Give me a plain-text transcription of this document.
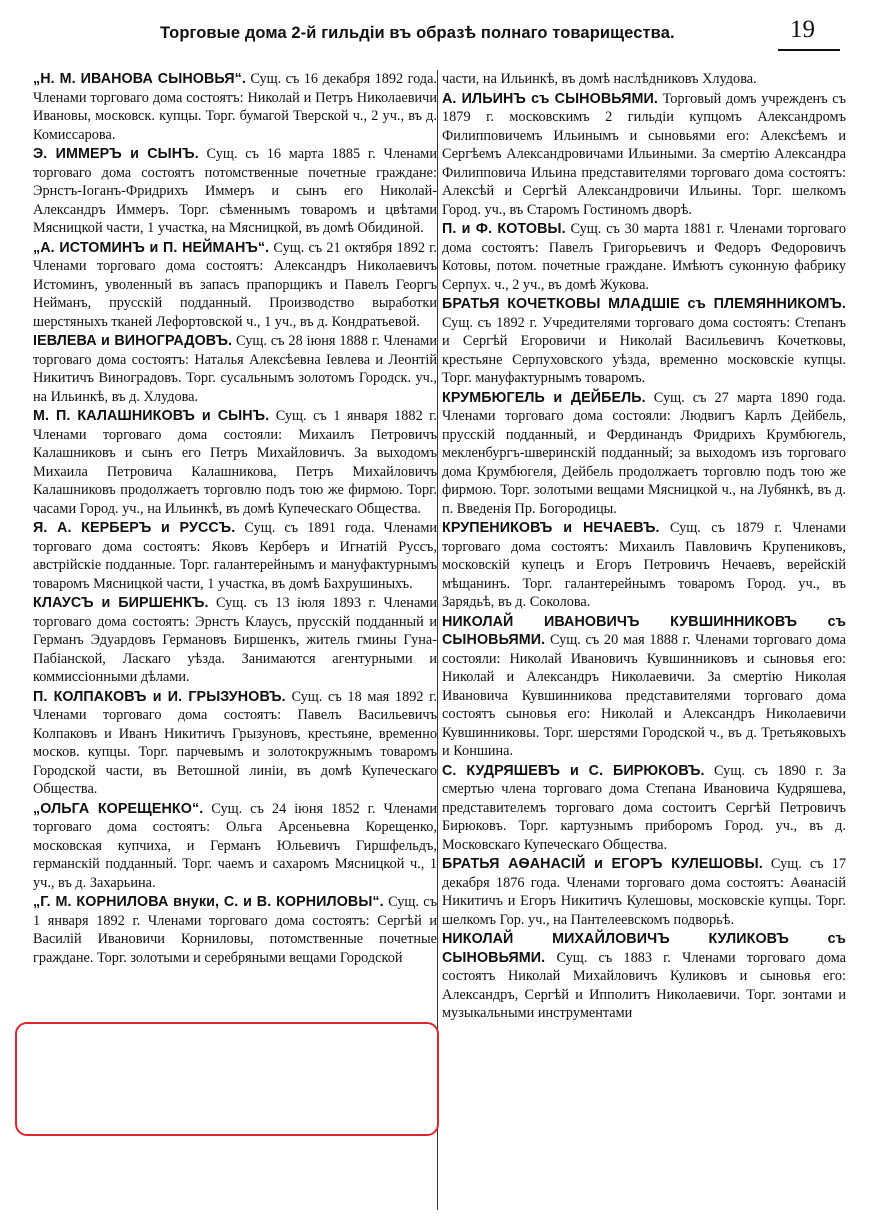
Торговые дома 2-й гильдіи въ образѣ полнаго товарищества.	19

„Н. М. ИВАНОВА СЫНОВЬЯ“. Сущ. съ 16 декабря 1892 года. Членами торговаго дома состоятъ: Николай и Петръ Николаевичи Ивановы, московск. купцы. Торг. бумагой Тверской ч., 2 уч., въ д. Комиссарова.

Э. ИММЕРЪ и СЫНЪ. Сущ. съ 16 марта 1885 г. Членами торговаго дома состоятъ потомственные почетные граждане: Эрнстъ-Іоганъ-Фридрихъ Иммеръ и сынъ его Николай-Александръ Иммеръ. Торг. сѣменнымъ товаромъ и цвѣтами Мясницкой части, 1 участка, на Мясницкой, въ домѣ Обидиной.

„А. ИСТОМИНЪ и П. НЕЙМАНЪ“. Сущ. съ 21 октября 1892 г. Членами торговаго дома состоятъ: Александръ Николаевичъ Истоминъ, уволенный въ запасъ прапорщикъ и Павелъ Георгъ Нейманъ, прусскій подданный. Производство выработки шерстяныхъ тканей Лефортовской ч., 1 уч., въ д. Кондратьевой.

ІЕВЛЕВА и ВИНОГРАДОВЪ. Сущ. съ 28 іюня 1888 г. Членами торговаго дома состоятъ: Наталья Алексѣевна Іевлева и Леонтій Никитичъ Виноградовъ. Торг. сусальнымъ золотомъ Городск. уч., на Ильинкѣ, въ д. Хлудова.

М. П. КАЛАШНИКОВЪ и СЫНЪ. Сущ. съ 1 января 1882 г. Членами торговаго дома состояли: Михаилъ Петровичъ Калашниковъ и сынъ его Петръ Михайловичъ. За выходомъ Михаила Петровича Калашникова, Петръ Михайловичъ Калашниковъ продолжаетъ торговлю подъ тою же фирмою. Торг. часами Город. уч., на Ильинкѣ, въ домѣ Купеческаго Общества.

Я. А. КЕРБЕРЪ и РУССЪ. Сущ. съ 1891 года. Членами торговаго дома состоятъ: Яковъ Керберъ и Игнатій Руссъ, австрійскіе подданные. Торг. галантерейнымъ и мануфактурнымъ товаромъ Мясницкой части, 1 участка, въ домѣ Бахрушиныхъ.

КЛАУСЪ и БИРШЕНКЪ. Сущ. съ 13 іюля 1893 г. Членами торговаго дома состоятъ: Эрнстъ Клаусъ, прусскій подданный и Германъ Эдуардовъ Германовъ Биршенкъ, житель гмины Гуна-Пабіанской, Ласкаго уѣзда. Занимаются агентурными и коммиссіонными дѣлами.

П. КОЛПАКОВЪ и И. ГРЫЗУНОВЪ. Сущ. съ 18 мая 1892 г. Членами торговаго дома состоятъ: Павелъ Васильевичъ Колпаковъ и Иванъ Никитичъ Грызуновъ, крестьяне, временно москов. купцы. Торг. парчевымъ и золотокружнымъ товаромъ Городской части, въ Ветошной линіи, въ домѣ Купеческаго Общества.

„ОЛЬГА КОРЕЩЕНКО“. Сущ. съ 24 іюня 1852 г. Членами торговаго дома состоятъ: Ольга Арсеньевна Корещенко, московская купчиха, и Германъ Юльевичъ Гиршфельдъ, германскій подданный. Торг. чаемъ и сахаромъ Мясницкой ч., 1 уч., въ д. Захарьина.

„Г. М. КОРНИЛОВА внуки, С. и В. КОРНИЛОВЫ“. Сущ. съ 1 января 1892 г. Членами торговаго дома состоятъ: Сергѣй и Василій Ивановичи Корниловы, потомственные почетные граждане. Торг. золотыми и серебряными вещами Городской

части, на Ильинкѣ, въ домѣ наслѣдниковъ Хлудова.

А. ИЛЬИНЪ съ СЫНОВЬЯМИ. Торговый домъ учрежденъ съ 1879 г. московскимъ 2 гильдіи купцомъ Александромъ Филипповичемъ Ильинымъ и сыновьями его: Алексѣемъ и Сергѣемъ Александровичами Ильиными. За смертію Александра Филипповича Ильина представителями торговаго дома состоятъ: Алексѣй и Сергѣй Александровичи Ильины. Торг. шелкомъ Город. уч., въ Старомъ Гостиномъ дворѣ.

П. и Ф. КОТОВЫ. Сущ. съ 30 марта 1881 г. Членами торговаго дома состоятъ: Павелъ Григорьевичъ и Федоръ Федоровичъ Котовы, потом. почетные граждане. Имѣютъ суконную фабрику Серпух. ч., 2 уч., въ домѣ Жукова.

БРАТЬЯ КОЧЕТКОВЫ МЛАДШІЕ съ ПЛЕМЯННИКОМЪ. Сущ. съ 1892 г. Учредителями торговаго дома состоятъ: Степанъ и Сергѣй Егоровичи и Николай Васильевичъ Кочетковы, крестьяне Серпуховского уѣзда, временно московскіе купцы. Торг. мануфактурнымъ товаромъ.

КРУМБЮГЕЛЬ и ДЕЙБЕЛЬ. Сущ. съ 27 марта 1890 года. Членами торговаго дома состояли: Людвигъ Карлъ Дейбель, прусскій подданный, и Фердинандъ Фридрихъ Крумбюгель, мекленбургъ-шверинскій подданный; за выходомъ изъ торговаго дома Крумбюгеля, Дейбель продолжаетъ торговлю подъ тою же фирмою. Торг. золотыми вещами Мясницкой ч., на Лубянкѣ, въ д. п. Введенія Пр. Богородицы.

КРУПЕНИКОВЪ и НЕЧАЕВЪ. Сущ. съ 1879 г. Членами торговаго дома состоятъ: Михаилъ Павловичъ Крупениковъ, московскій купецъ и Егоръ Петровичъ Нечаевъ, верейскій мѣщанинъ. Торг. галантерейнымъ товаромъ Город. уч., въ Зарядьѣ, въ д. Соколова.

НИКОЛАЙ ИВАНОВИЧЪ КУВШИННИКОВЪ съ СЫНОВЬЯМИ. Сущ. съ 20 мая 1888 г. Членами торговаго дома состояли: Николай Ивановичъ Кувшинниковъ и сыновья его: Николай и Александръ Николаевичи. За смертію Николая Ивановича Кувшинникова представителями торговаго дома состоятъ сыновья его: Николай и Александръ Николаевичи Кувшинниковы. Торг. шерстями Городской ч., въ д. Третьяковыхъ и Коншина.

С. КУДРЯШЕВЪ и С. БИРЮКОВЪ. Сущ. съ 1890 г. За смертью члена торговаго дома Степана Ивановича Кудряшева, представителемъ торговаго дома состоитъ Сергѣй Петровичъ Бирюковъ. Торг. картузнымъ приборомъ Город. уч., въ д. Московскаго Купеческаго Общества.

БРАТЬЯ АѲАНАСІЙ и ЕГОРЪ КУЛЕШОВЫ. Сущ. съ 17 декабря 1876 года. Членами торговаго дома состоятъ: Аѳанасій Никитичъ и Егоръ Никитичъ Кулешовы, московскіе купцы. Торг. шелкомъ Гор. уч., на Пантелеевскомъ подворьѣ.

НИКОЛАЙ МИХАЙЛОВИЧЪ КУЛИКОВЪ съ СЫНОВЬЯМИ. Сущ. съ 1883 г. Членами торговаго дома состоятъ Николай Михайловичъ Куликовъ и сыновья его: Александръ, Сергѣй и Ипполитъ Николаевичи. Торг. зонтами и музыкальными инструментами
